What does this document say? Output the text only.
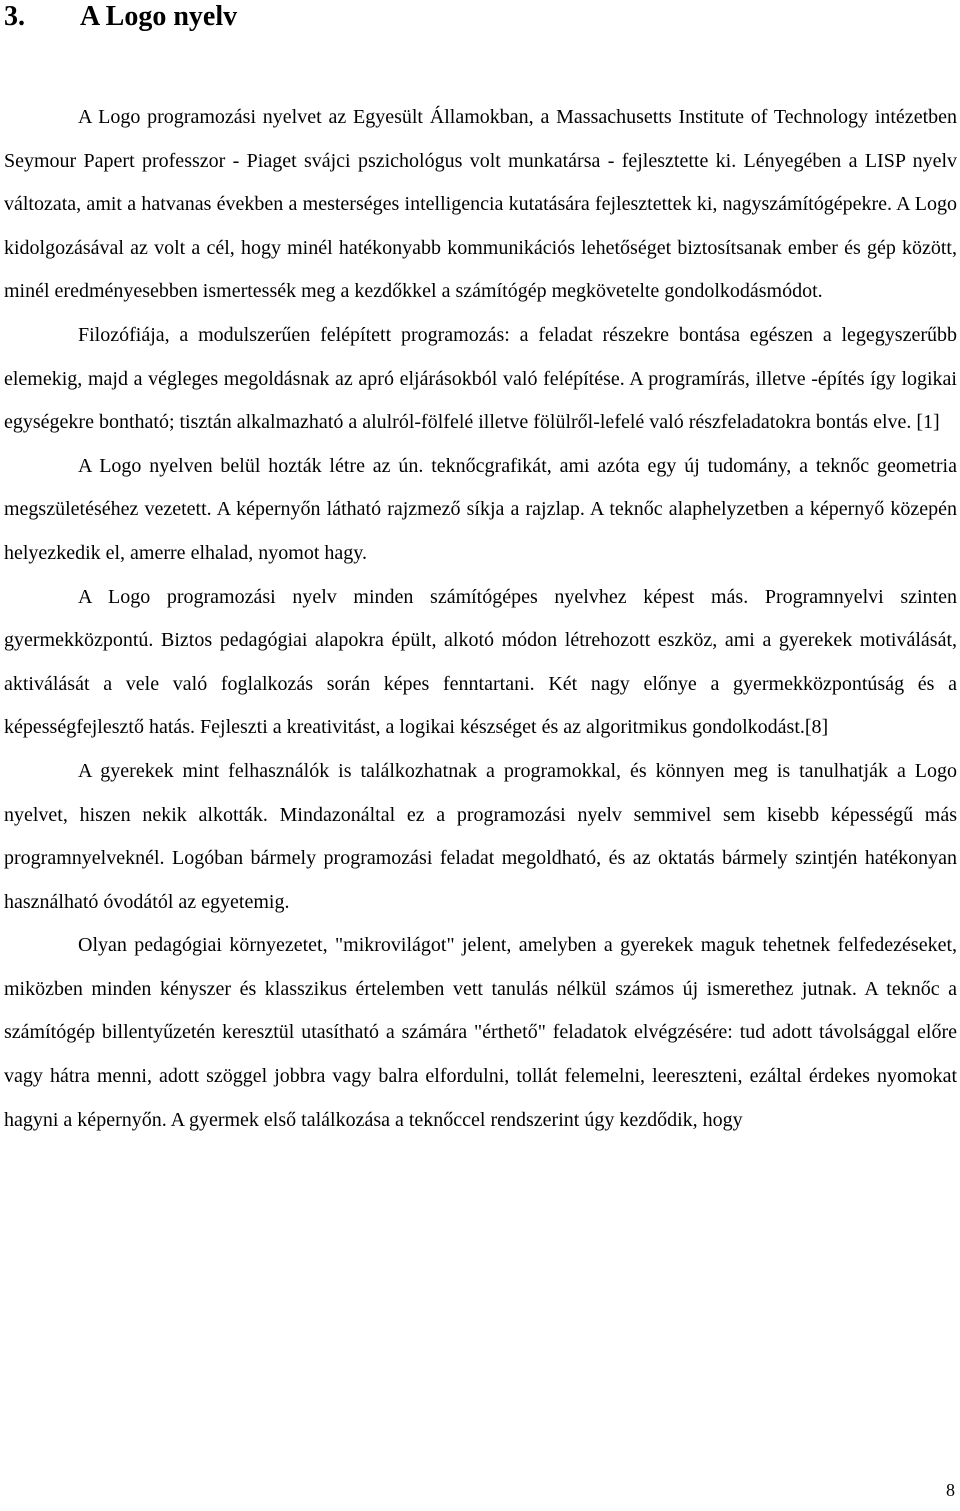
3. A Logo nyelv

A Logo programozási nyelvet az Egyesült Államokban, a Massachusetts Institute of Technology intézetben Seymour Papert professzor - Piaget svájci pszichológus volt munkatársa - fejlesztette ki. Lényegében a LISP nyelv változata, amit a hatvanas években a mesterséges intelligencia kutatására fejlesztettek ki, nagyszámítógépekre. A Logo kidolgozásával az volt a cél, hogy minél hatékonyabb kommunikációs lehetőséget biztosítsanak ember és gép között, minél eredményesebben ismertessék meg a kezdőkkel a számítógép megkövetelte gondolkodásmódot.

Filozófiája, a modulszerűen felépített programozás: a feladat részekre bontása egészen a legegyszerűbb elemekig, majd a végleges megoldásnak az apró eljárásokból való felépítése. A programírás, illetve -építés így logikai egységekre bontható; tisztán alkalmazható a alulról-fölfelé illetve fölülről-lefelé való részfeladatokra bontás elve. [1]

A Logo nyelven belül hozták létre az ún. teknőcgrafikát, ami azóta egy új tudomány, a teknőc geometria megszületéséhez vezetett. A képernyőn látható rajzmező síkja a rajzlap. A teknőc alaphelyzetben a képernyő közepén helyezkedik el, amerre elhalad, nyomot hagy.

A Logo programozási nyelv minden számítógépes nyelvhez képest más. Programnyelvi szinten gyermekközpontú. Biztos pedagógiai alapokra épült, alkotó módon létrehozott eszköz, ami a gyerekek motiválását, aktiválását a vele való foglalkozás során képes fenntartani. Két nagy előnye a gyermekközpontúság és a képességfejlesztő hatás. Fejleszti a kreativitást, a logikai készséget és az algoritmikus gondolkodást.[8]

A gyerekek mint felhasználók is találkozhatnak a programokkal, és könnyen meg is tanulhatják a Logo nyelvet, hiszen nekik alkották. Mindazonáltal ez a programozási nyelv semmivel sem kisebb képességű más programnyelveknél. Logóban bármely programozási feladat megoldható, és az oktatás bármely szintjén hatékonyan használható óvodától az egyetemig.

Olyan pedagógiai környezetet, "mikrovilágot" jelent, amelyben a gyerekek maguk tehetnek felfedezéseket, miközben minden kényszer és klasszikus értelemben vett tanulás nélkül számos új ismerethez jutnak. A teknőc a számítógép billentyűzetén keresztül utasítható a számára "érthető" feladatok elvégzésére: tud adott távolsággal előre vagy hátra menni, adott szöggel jobbra vagy balra elfordulni, tollát felemelni, leereszteni, ezáltal érdekes nyomokat hagyni a képernyőn. A gyermek első találkozása a teknőccel rendszerint úgy kezdődik, hogy

8
